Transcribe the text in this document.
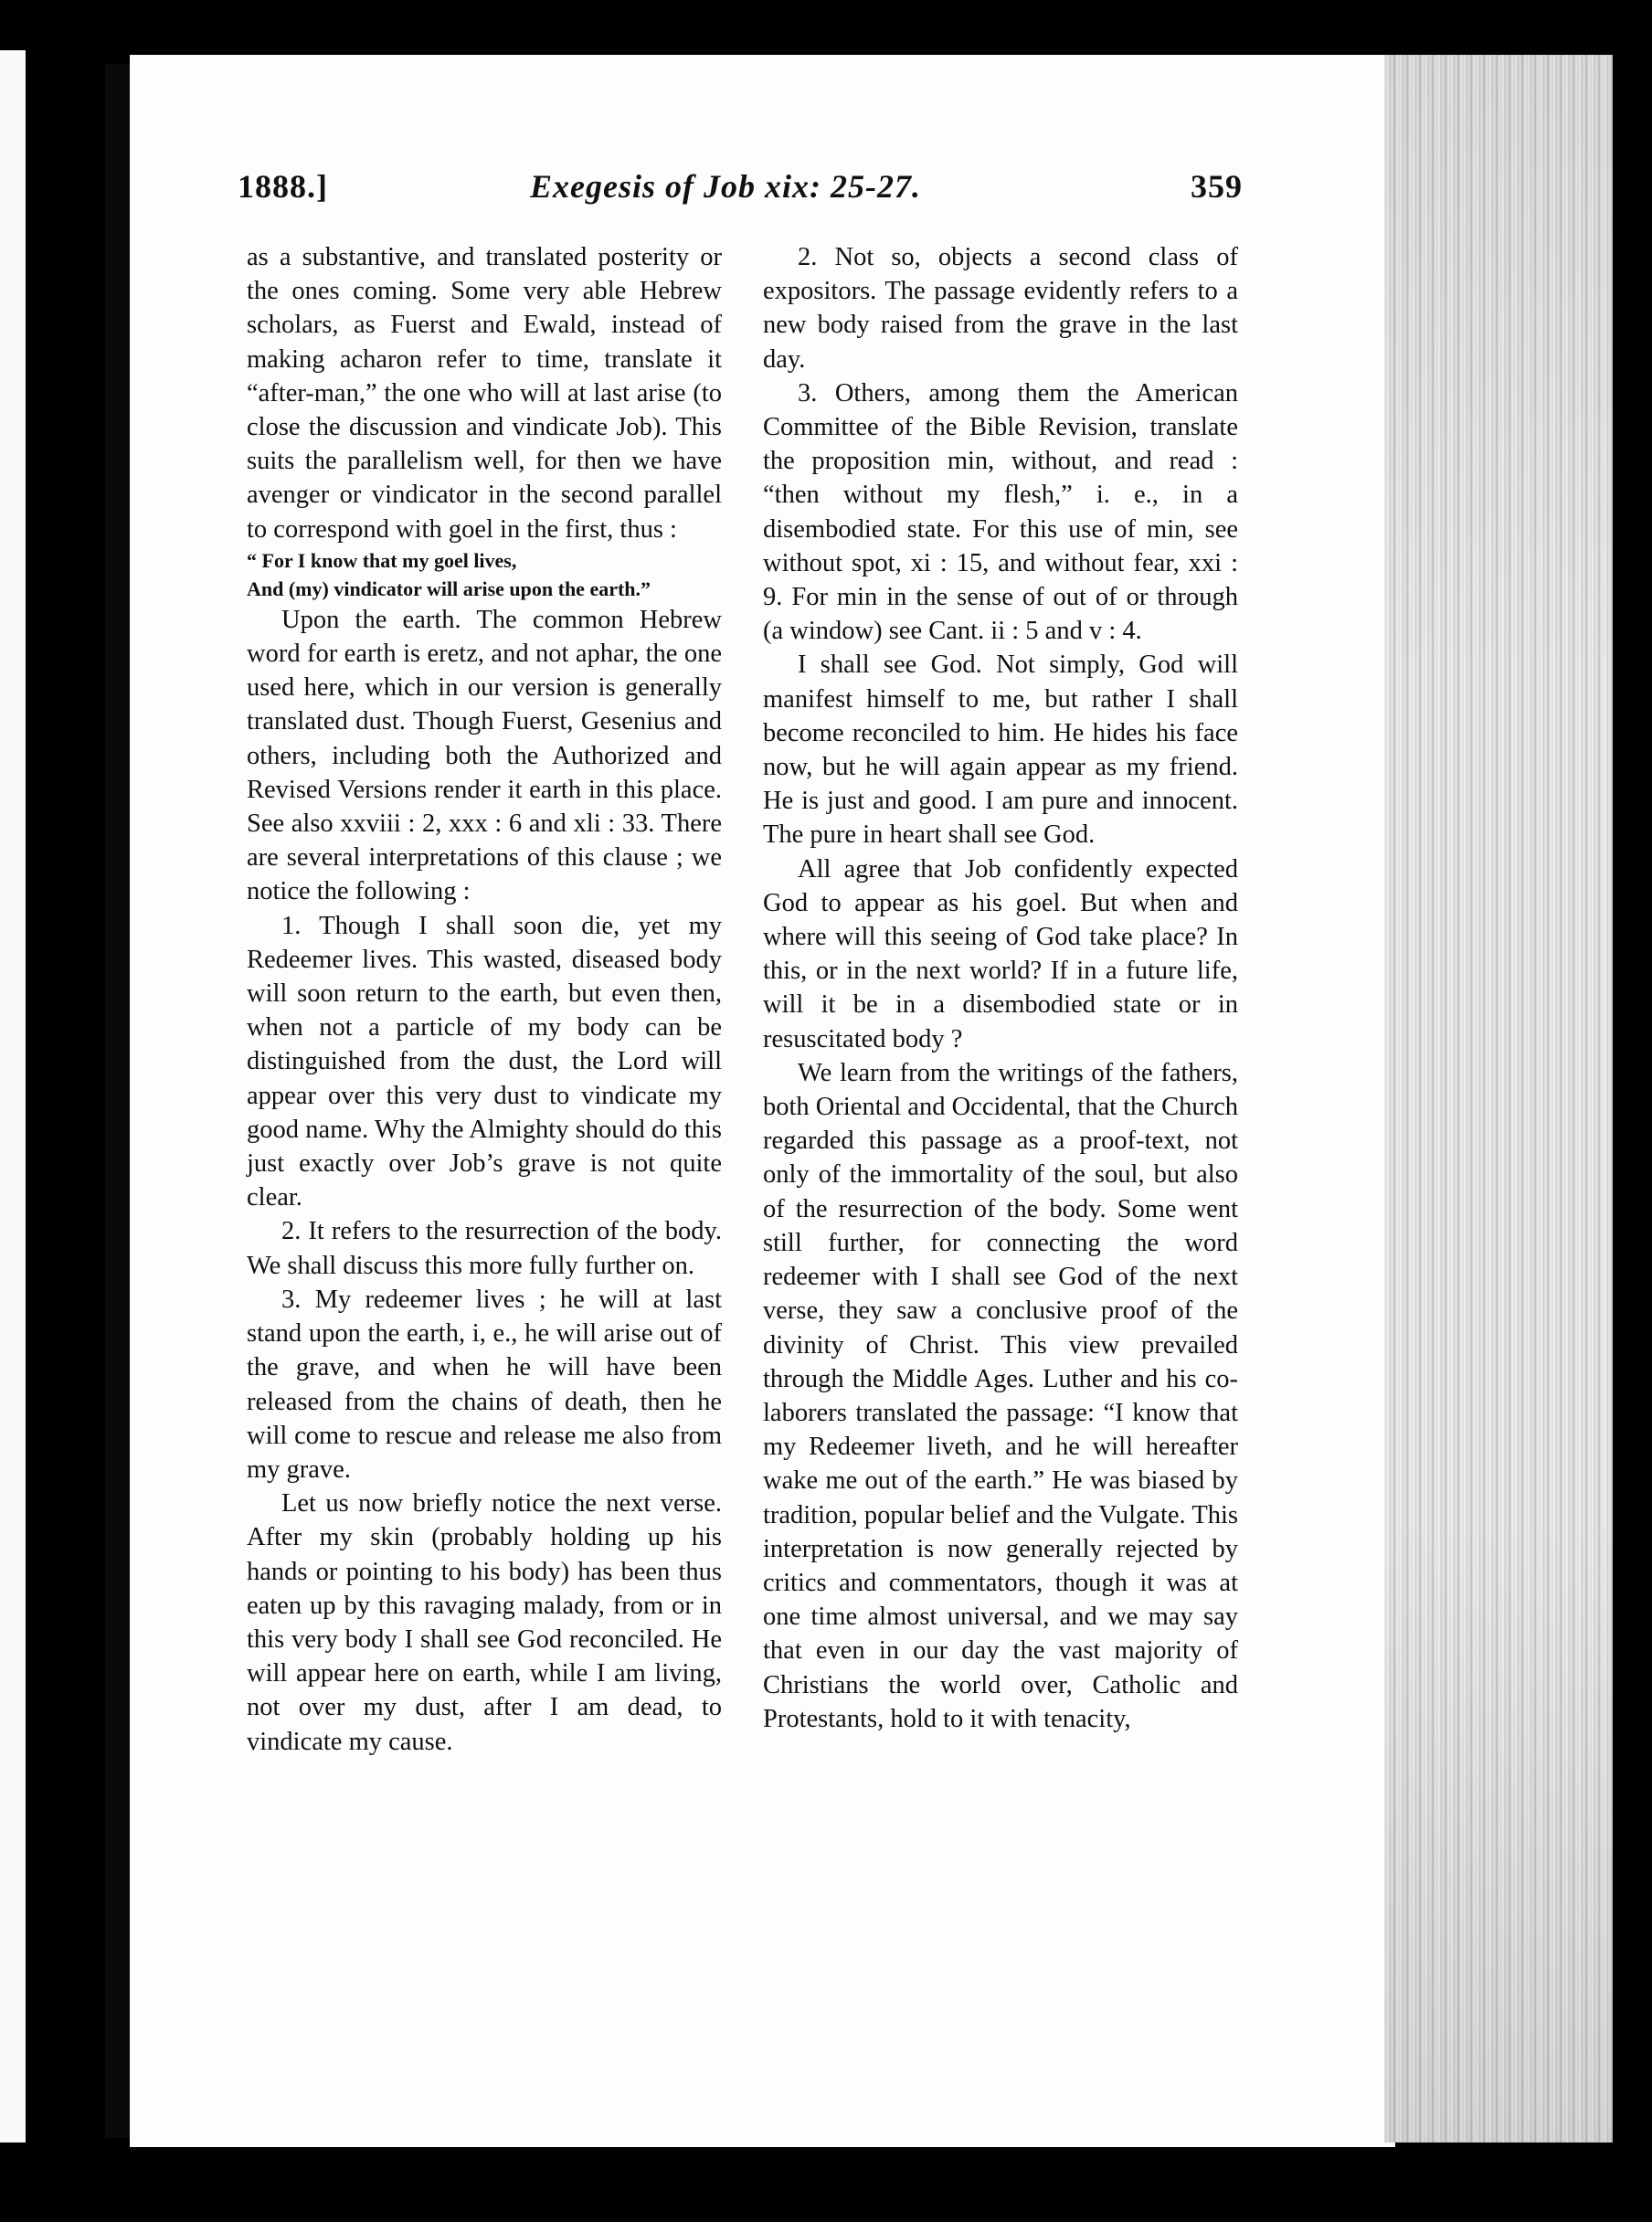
1888.]	Exegesis of Job xix: 25-27.	359

as a substantive, and translated posterity or the ones coming. Some very able Hebrew scholars, as Fuerst and Ewald, instead of making acharon refer to time, translate it “after-man,” the one who will at last arise (to close the discussion and vindicate Job). This suits the parallelism well, for then we have avenger or vindicator in the second parallel to correspond with goel in the first, thus :

“ For I know that my goel lives,

And (my) vindicator will arise upon the earth.”

Upon the earth. The common Hebrew word for earth is eretz, and not aphar, the one used here, which in our version is generally translated dust. Though Fuerst, Gesenius and others, including both the Authorized and Revised Versions render it earth in this place. See also xxviii : 2, xxx : 6 and xli : 33. There are several interpretations of this clause ; we notice the following :

1. Though I shall soon die, yet my Redeemer lives. This wasted, diseased body will soon return to the earth, but even then, when not a particle of my body can be distinguished from the dust, the Lord will appear over this very dust to vindicate my good name. Why the Almighty should do this just exactly over Job’s grave is not quite clear.

2. It refers to the resurrection of the body. We shall discuss this more fully further on.

3. My redeemer lives ; he will at last stand upon the earth, i, e., he will arise out of the grave, and when he will have been released from the chains of death, then he will come to rescue and release me also from my grave.

Let us now briefly notice the next verse. After my skin (probably holding up his hands or pointing to his body) has been thus eaten up by this ravaging malady, from or in this very body I shall see God reconciled. He will appear here on earth, while I am living, not over my dust, after I am dead, to vindicate my cause.

2. Not so, objects a second class of expositors. The passage evidently refers to a new body raised from the grave in the last day.

3. Others, among them the American Committee of the Bible Revision, translate the proposition min, without, and read : “then without my flesh,” i. e., in a disembodied state. For this use of min, see without spot, xi : 15, and without fear, xxi : 9. For min in the sense of out of or through (a window) see Cant. ii : 5 and v : 4.

I shall see God. Not simply, God will manifest himself to me, but rather I shall become reconciled to him. He hides his face now, but he will again appear as my friend. He is just and good. I am pure and innocent. The pure in heart shall see God.

All agree that Job confidently expected God to appear as his goel. But when and where will this seeing of God take place? In this, or in the next world? If in a future life, will it be in a disembodied state or in resuscitated body ?

We learn from the writings of the fathers, both Oriental and Occidental, that the Church regarded this passage as a proof-text, not only of the immortality of the soul, but also of the resurrection of the body. Some went still further, for connecting the word redeemer with I shall see God of the next verse, they saw a conclusive proof of the divinity of Christ. This view prevailed through the Middle Ages. Luther and his co-laborers translated the passage: “I know that my Redeemer liveth, and he will hereafter wake me out of the earth.” He was biased by tradition, popular belief and the Vulgate. This interpretation is now generally rejected by critics and commentators, though it was at one time almost universal, and we may say that even in our day the vast majority of Christians the world over, Catholic and Protestants, hold to it with tenacity,
